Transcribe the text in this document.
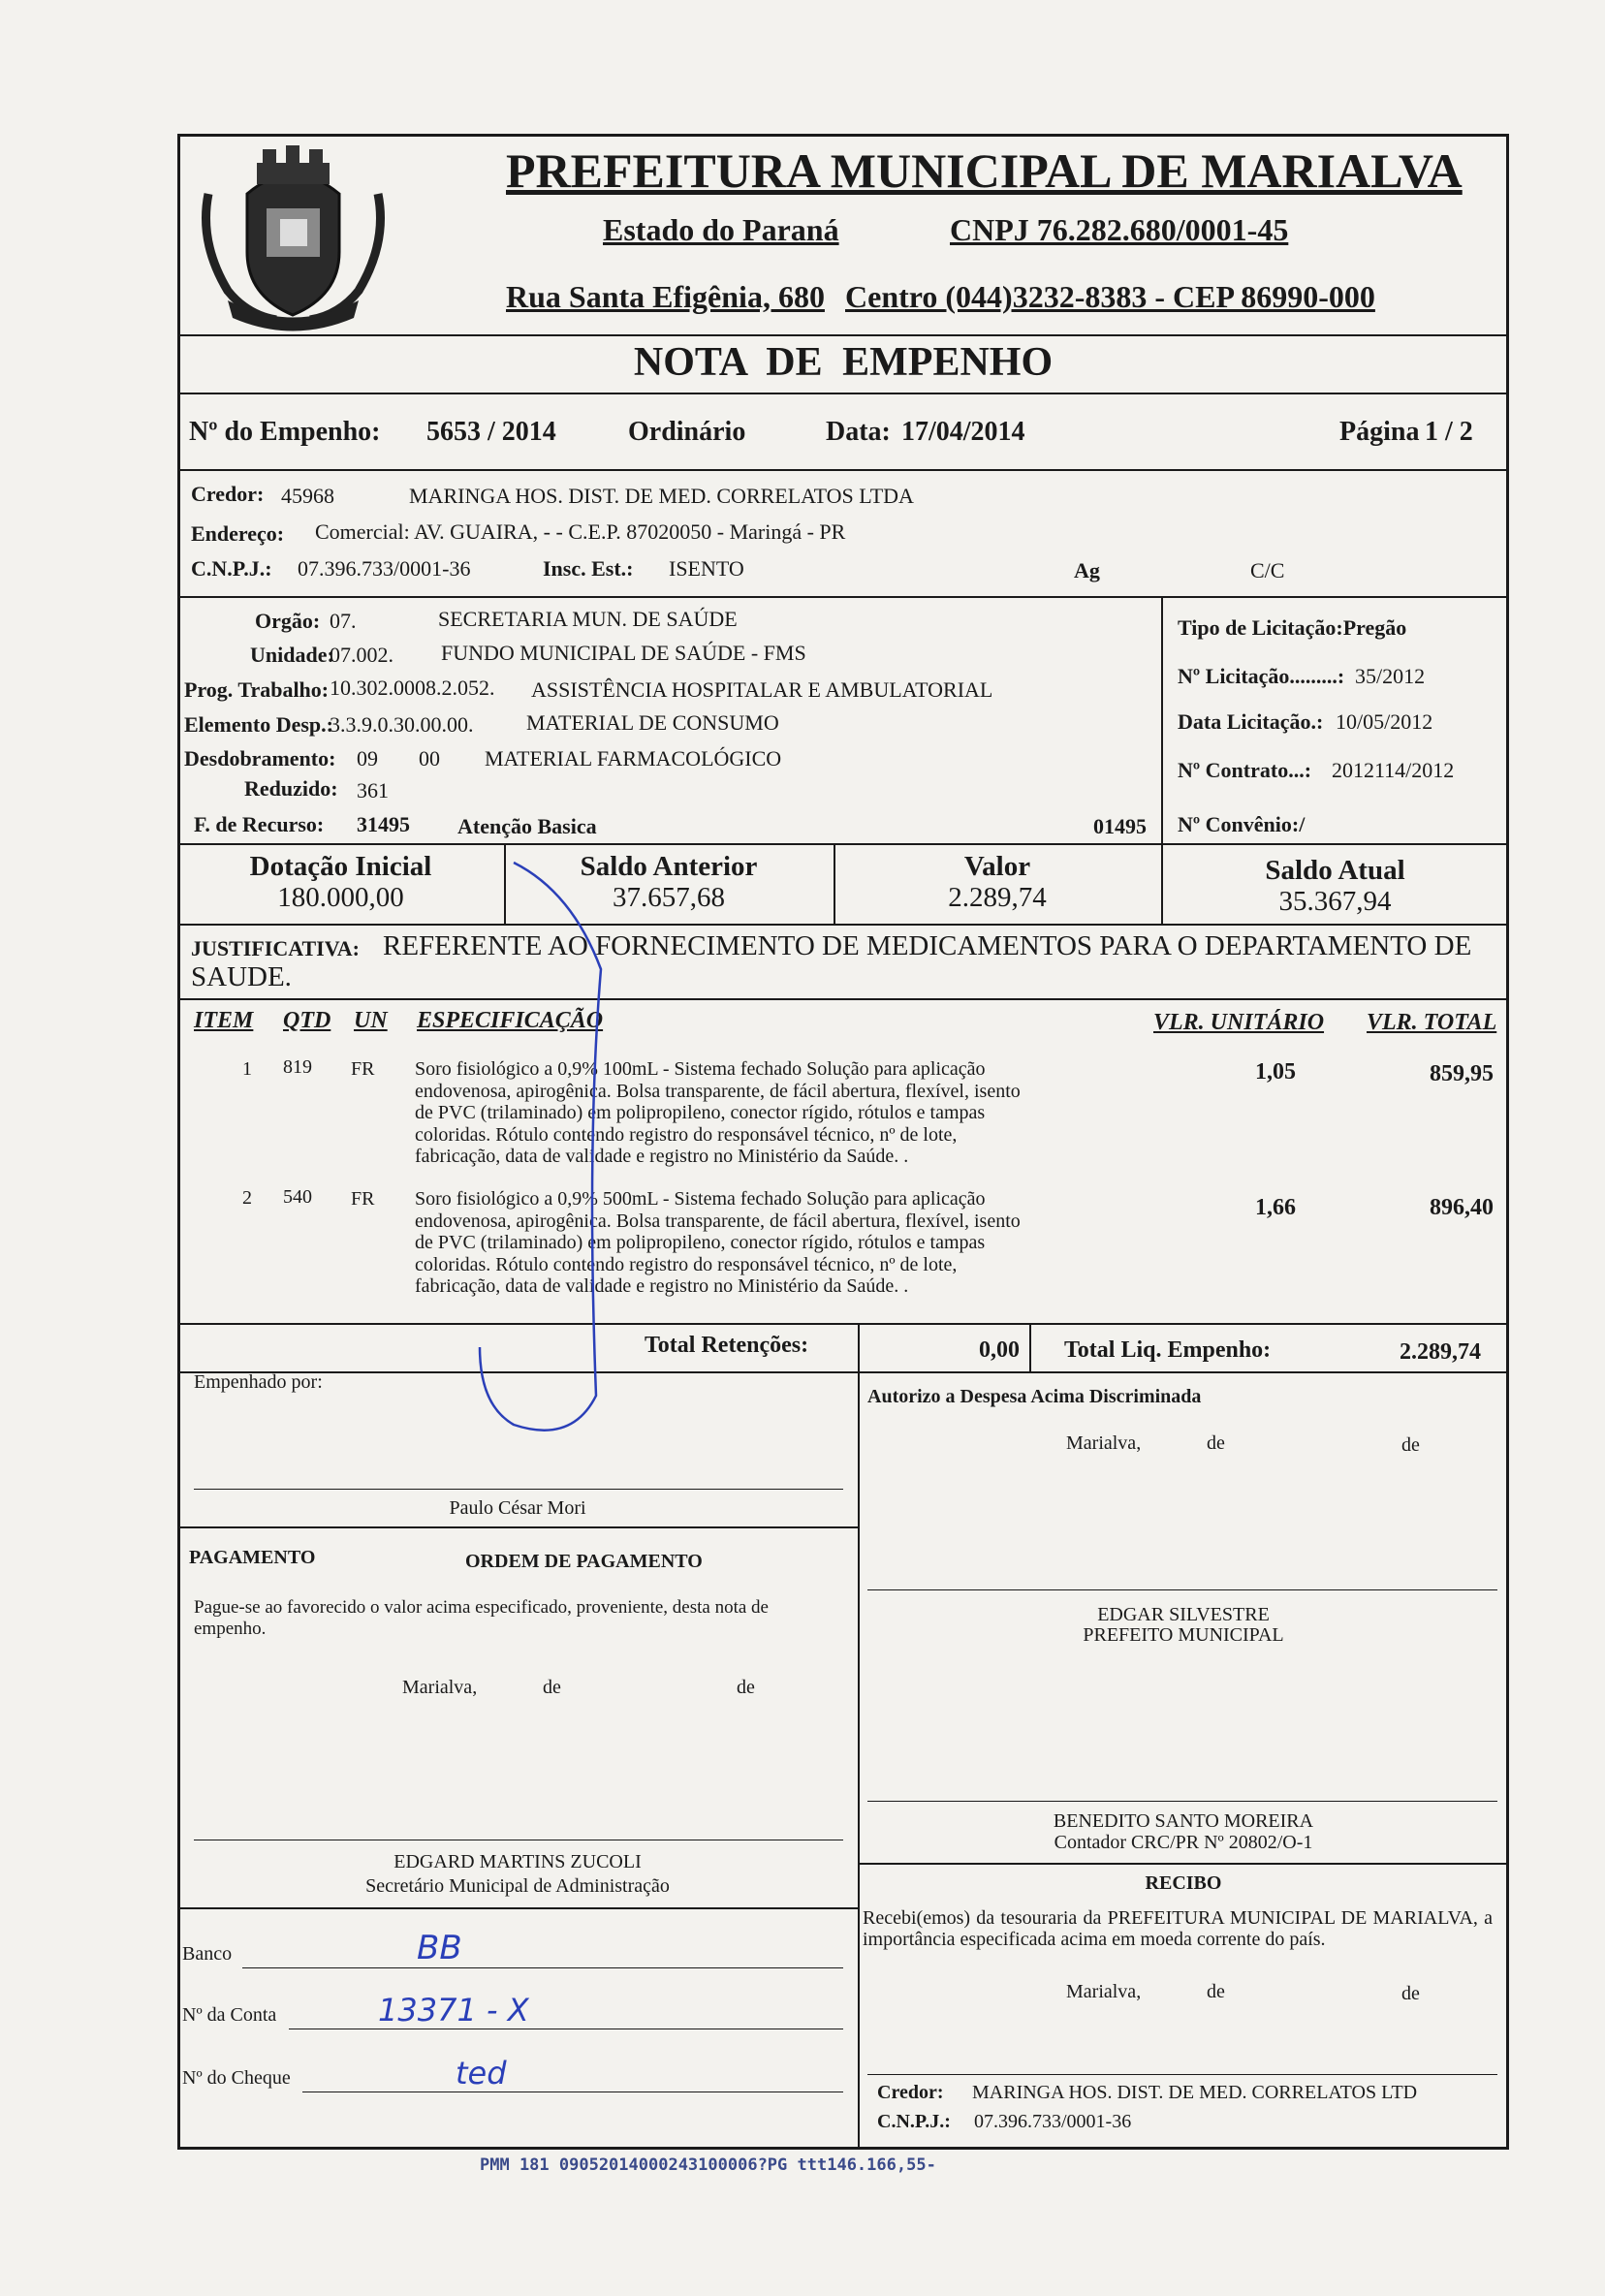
PREFEITURA MUNICIPAL DE MARIALVA
Estado do Paraná	CNPJ 76.282.680/0001-45
Rua Santa Efigênia, 680 Centro (044)3232-8383 - CEP 86990-000
NOTA DE EMPENHO
Nº do Empenho: 5653 / 2014	Ordinário	Data: 17/04/2014	Página 1 / 2
Credor: 45968	MARINGA HOS. DIST. DE MED. CORRELATOS LTDA
Endereço: Comercial: AV. GUAIRA, - - C.E.P. 87020050 - Maringá - PR
C.N.P.J.: 07.396.733/0001-36	Insc. Est.: ISENTO	Ag	C/C
Orgão: 07.	SECRETARIA MUN. DE SAÚDE
Unidade:
07.002. FUNDO MUNICIPAL DE SAÚDE - FMS
Prog. Trabalho: 10.302.0008.2.052. ASSISTÊNCIA HOSPITALAR E AMBULATORIAL
Elemento Desp.:
3.3.9.0.30.00.00. MATERIAL DE CONSUMO
Desdobramento: 09 00 MATERIAL FARMACOLÓGICO
Reduzido: 361
F. de Recurso: 31495 Atenção Basica	01495
Tipo de Licitação:Pregão
Nº Licitação.........: 35/2012
Data Licitação.: 10/05/2012
Nº Contrato...: 2012114/2012
Nº Convênio:/
Dotação Inicial
180.000,00
Saldo Anterior
37.657,68
Valor
2.289,74
Saldo Atual
35.367,94
JUSTIFICATIVA: REFERENTE AO FORNECIMENTO DE MEDICAMENTOS PARA O DEPARTAMENTO DE
SAUDE.
ITEM QTD UN ESPECIFICAÇÃO	VLR. UNITÁRIO VLR. TOTAL
1 819 FR Soro fisiológico a 0,9% 100mL - Sistema fechado Solução para aplicação
endovenosa, apirogênica. Bolsa transparente, de fácil abertura, flexível, isento
de PVC (trilaminado) em polipropileno, conector rígido, rótulos e tampas
coloridas. Rótulo contendo registro do responsável técnico, nº de lote,
fabricação, data de validade e registro no Ministério da Saúde. .
1,05	859,95
2 540 FR Soro fisiológico a 0,9% 500mL - Sistema fechado Solução para aplicação
endovenosa, apirogênica. Bolsa transparente, de fácil abertura, flexível, isento
de PVC (trilaminado) em polipropileno, conector rígido, rótulos e tampas
coloridas. Rótulo contendo registro do responsável técnico, nº de lote,
fabricação, data de validade e registro no Ministério da Saúde. .
1,66	896,40
Total Retenções:	0,00 Total Liq. Empenho:	2.289,74
Empenhado por:
Paulo César Mori
Autorizo a Despesa Acima Discriminada
Marialva,	de	de
PAGAMENTO	ORDEM DE PAGAMENTO
Pague-se ao favorecido o valor acima especificado, proveniente, desta nota de empenho.
Marialva,	de	de
EDGAR SILVESTRE
PREFEITO MUNICIPAL
BENEDITO SANTO MOREIRA
Contador CRC/PR Nº 20802/O-1
EDGARD MARTINS ZUCOLI
Secretário Municipal de Administração	RECIBO
Recebi(emos) da tesouraria da PREFEITURA MUNICIPAL DE MARIALVA, a importância especificada acima em moeda corrente do país.
Marialva,	de	de
Banco	BB
Nº da Conta	13371 - X
Nº do Cheque	ted
Credor: MARINGA HOS. DIST. DE MED. CORRELATOS LTD
C.N.P.J.: 07.396.733/0001-36
PMM 181 09052014000243100006?PG ttt146.166,55-
